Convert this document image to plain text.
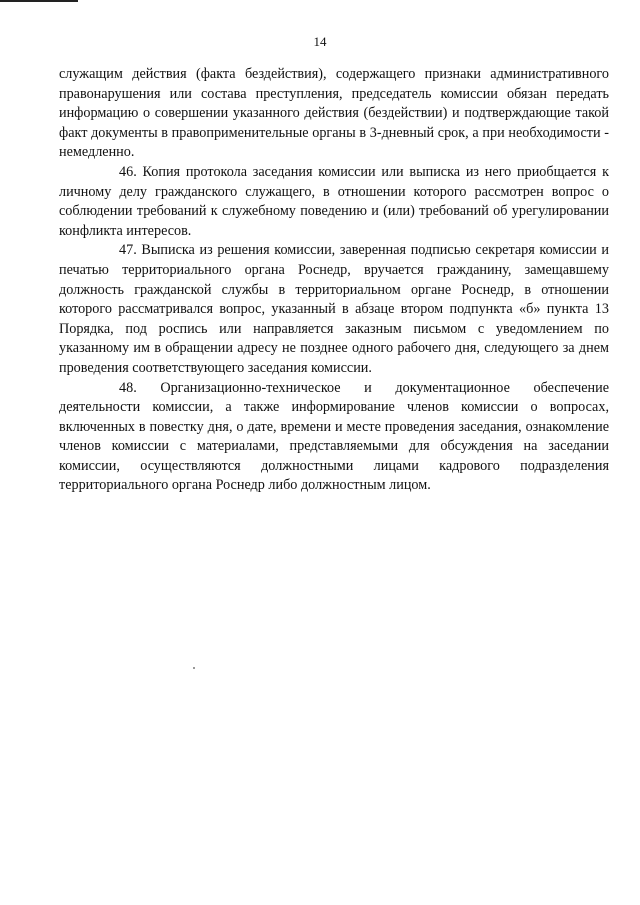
14

служащим действия (факта бездействия), содержащего признаки административного правонарушения или состава преступления, председатель комиссии обязан передать информацию о совершении указанного действия (бездействии) и подтверждающие такой факт документы в правоприменительные органы в 3-дневный срок, а при необходимости - немедленно.

46. Копия протокола заседания комиссии или выписка из него приобщается к личному делу гражданского служащего, в отношении которого рассмотрен вопрос о соблюдении требований к служебному поведению и (или) требований об урегулировании конфликта интересов.

47. Выписка из решения комиссии, заверенная подписью секретаря комиссии и печатью территориального органа Роснедр, вручается гражданину, замещавшему должность гражданской службы в территориальном органе Роснедр, в отношении которого рассматривался вопрос, указанный в абзаце втором подпункта «б» пункта 13 Порядка, под роспись или направляется заказным письмом с уведомлением по указанному им в обращении адресу не позднее одного рабочего дня, следующего за днем проведения соответствующего заседания комиссии.

48. Организационно-техническое и документационное обеспечение деятельности комиссии, а также информирование членов комиссии о вопросах, включенных в повестку дня, о дате, времени и месте проведения заседания, ознакомление членов комиссии с материалами, представляемыми для обсуждения на заседании комиссии, осуществляются должностными лицами кадрового подразделения территориального органа Роснедр либо должностным лицом.
